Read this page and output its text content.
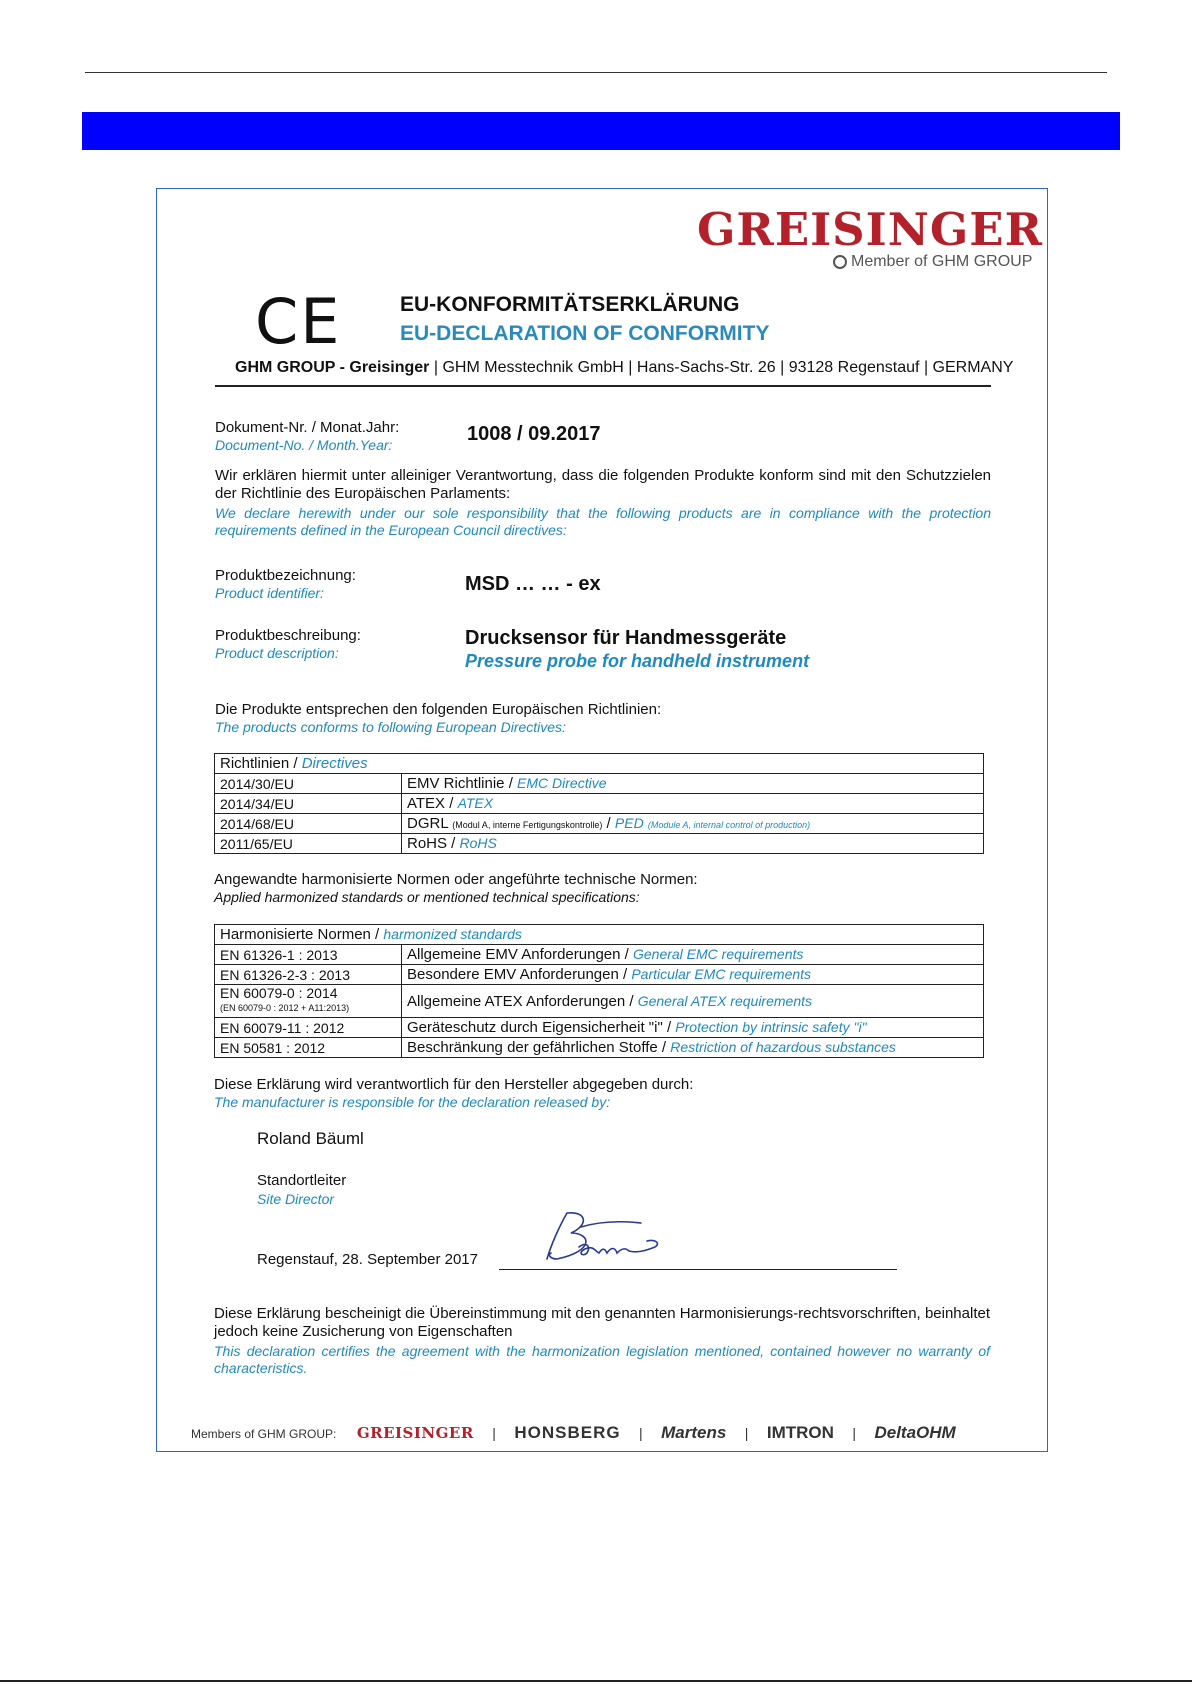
GREISINGER
Member of GHM GROUP
CE	EU-KONFORMITÄTSERKLÄRUNG
EU-DECLARATION OF CONFORMITY
GHM GROUP - Greisinger | GHM Messtechnik GmbH | Hans-Sachs-Str. 26 | 93128 Regenstauf | GERMANY
Dokument-Nr. / Monat.Jahr:
Document-No. / Month.Year:	1008 / 09.2017
Wir erklären hiermit unter alleiniger Verantwortung, dass die folgenden Produkte konform sind mit den Schutzzielen der Richtlinie des Europäischen Parlaments:
We declare herewith under our sole responsibility that the following products are in compliance with the protection requirements defined in the European Council directives:
Produktbezeichnung:
Product identifier:	MSD … … - ex
Produktbeschreibung:
Product description:
Drucksensor für Handmessgeräte
Pressure probe for handheld instrument
Die Produkte entsprechen den folgenden Europäischen Richtlinien:
The products conforms to following European Directives:
Richtlinien / Directives	
2014/30/EU	EMV Richtlinie / EMC Directive
2014/34/EU	ATEX / ATEX
2014/68/EU	DGRL (Modul A, interne Fertigungskontrolle) / PED (Module A, internal control of production)
2011/65/EU	RoHS / RoHS
Angewandte harmonisierte Normen oder angeführte technische Normen:
Applied harmonized standards or mentioned technical specifications:
Harmonisierte Normen / harmonized standards	
EN 61326-1 : 2013	Allgemeine EMV Anforderungen / General EMC requirements
EN 61326-2-3 : 2013	Besondere EMV Anforderungen / Particular EMC requirements
EN 60079-0 : 2014
(EN 60079-0 : 2012 + A11:2013)	Allgemeine ATEX Anforderungen / General ATEX requirements
EN 60079-11 : 2012	Geräteschutz durch Eigensicherheit "i" / Protection by intrinsic safety "i"
EN 50581 : 2012	Beschränkung der gefährlichen Stoffe / Restriction of hazardous substances
Diese Erklärung wird verantwortlich für den Hersteller abgegeben durch:
The manufacturer is responsible for the declaration released by:
Roland Bäuml
Standortleiter
Site Director
Regenstauf, 28. September 2017
Diese Erklärung bescheinigt die Übereinstimmung mit den genannten Harmonisierungs-rechtsvorschriften, beinhaltet jedoch keine Zusicherung von Eigenschaften
This declaration certifies the agreement with the harmonization legislation mentioned, contained however no warranty of characteristics.
Members of GHM GROUP: GREISINGER | HONSBERG | Martens | IMTRON | DeltaOHM
